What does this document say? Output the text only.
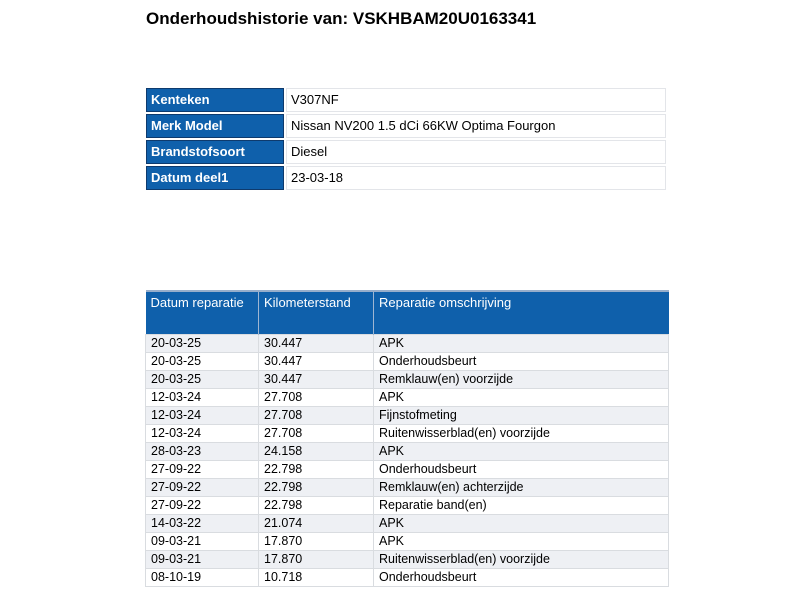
Onderhoudshistorie van: VSKHBAM20U0163341
Kenteken	V307NF
Merk Model	Nissan NV200 1.5 dCi 66KW Optima Fourgon
Brandstofsoort	Diesel
Datum deel1	23-03-18
Datum reparatie	Kilometerstand	Reparatie omschrijving
20-03-25	30.447	APK
20-03-25	30.447	Onderhoudsbeurt
20-03-25	30.447	Remklauw(en) voorzijde
12-03-24	27.708	APK
12-03-24	27.708	Fijnstofmeting
12-03-24	27.708	Ruitenwisserblad(en) voorzijde
28-03-23	24.158	APK
27-09-22	22.798	Onderhoudsbeurt
27-09-22	22.798	Remklauw(en) achterzijde
27-09-22	22.798	Reparatie band(en)
14-03-22	21.074	APK
09-03-21	17.870	APK
09-03-21	17.870	Ruitenwisserblad(en) voorzijde
08-10-19	10.718	Onderhoudsbeurt
